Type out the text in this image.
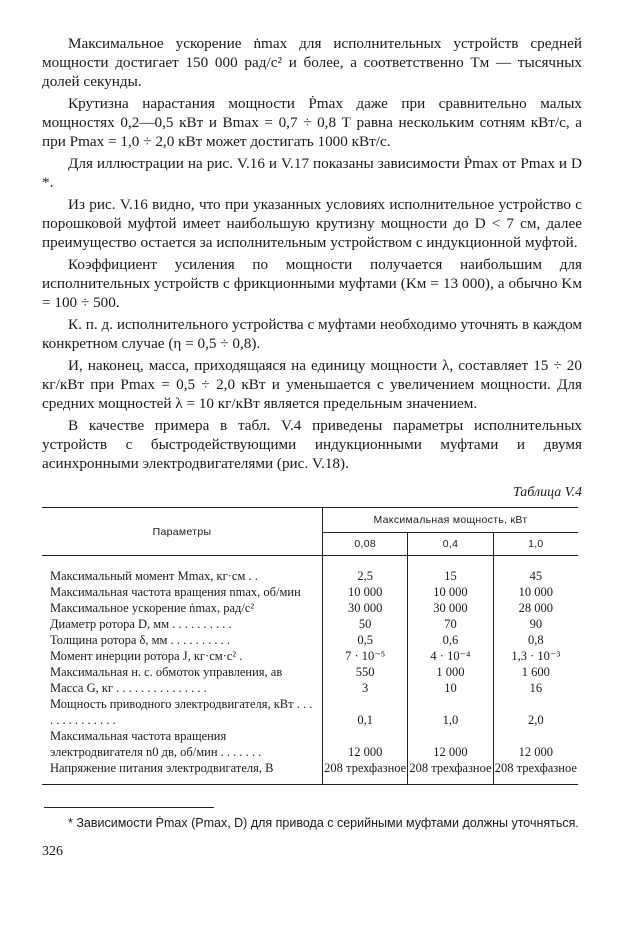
Максимальное ускорение ṅmax для исполнительных устройств средней мощности достигает 150 000 рад/с² и более, а соответственно Tм — тысячных долей секунды.

Крутизна нарастания мощности Ṗmax даже при сравнительно малых мощностях 0,2—0,5 кВт и Bmax = 0,7 ÷ 0,8 Т равна нескольким сотням кВт/с, а при Pmax = 1,0 ÷ 2,0 кВт может достигать 1000 кВт/с.

Для иллюстрации на рис. V.16 и V.17 показаны зависимости Ṗmax от Pmax и D *.

Из рис. V.16 видно, что при указанных условиях исполнительное устройство с порошковой муфтой имеет наибольшую крутизну мощности до D < 7 см, далее преимущество остается за исполнительным устройством с индукционной муфтой.

Коэффициент усиления по мощности получается наибольшим для исполнительных устройств с фрикционными муфтами (Kм = 13 000), а обычно Kм = 100 ÷ 500.

К. п. д. исполнительного устройства с муфтами необходимо уточнять в каждом конкретном случае (η = 0,5 ÷ 0,8).

И, наконец, масса, приходящаяся на единицу мощности λ, составляет 15 ÷ 20 кг/кВт при Pmax = 0,5 ÷ 2,0 кВт и уменьшается с увеличением мощности. Для средних мощностей λ = 10 кг/кВт является предельным значением.

В качестве примера в табл. V.4 приведены параметры исполнительных устройств с быстродействующими индукционными муфтами и двумя асинхронными электродвигателями (рис. V.18).

Таблица V.4
Параметры	Максимальная мощность, кВт		
	0,08	0,4	1,0

Максимальный момент Mmax, кг·см . .	2,5	15	45
Максимальная частота вращения nmax, об/мин	10 000	10 000	10 000
Максимальное ускорение ṅmax, рад/с²	30 000	30 000	28 000
Диаметр ротора D, мм . . . . . . . . . .	50	70	90
Толщина ротора δ, мм . . . . . . . . . .	0,5	0,6	0,8
Момент инерции ротора J, кг·см·с² .	7 · 10⁻⁵	4 · 10⁻⁴	1,3 · 10⁻³
Максимальная н. с. обмоток управления, ав	550	1 000	1 600
Масса G, кг . . . . . . . . . . . . . . .	3	10	16
Мощность приводного электродвигателя, кВт . . . . . . . . . . . . . .	0,1	1,0	2,0
Максимальная частота вращения электродвигателя n0 дв, об/мин . . . . . . .	12 000	12 000	12 000
Напряжение питания электродвигателя, В	208 трехфазное	208 трехфазное	208 трехфазное

* Зависимости Ṗmax (Pmax, D) для привода с серийными муфтами должны уточняться.

326
